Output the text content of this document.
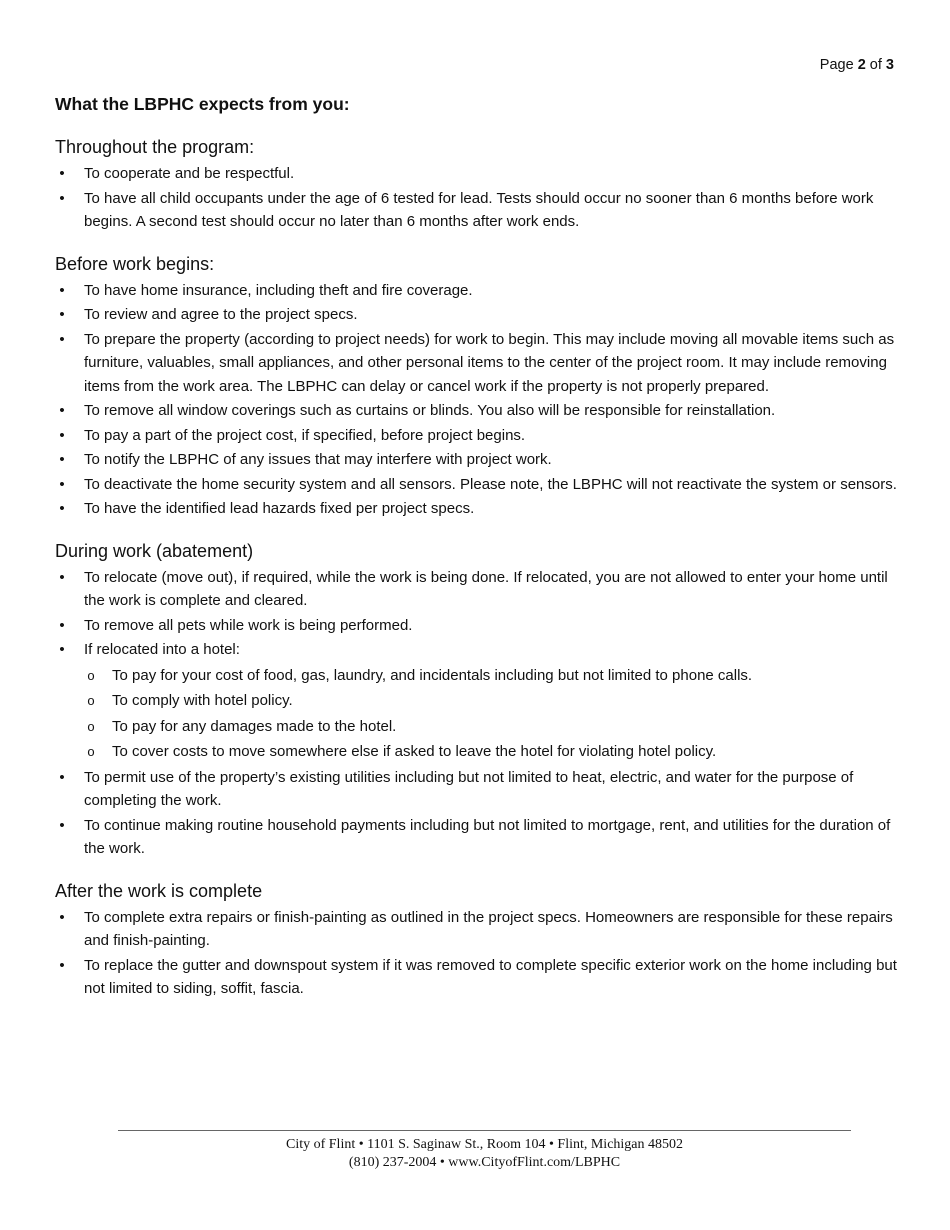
Page 2 of 3
What the LBPHC expects from you:
Throughout the program:
• To cooperate and be respectful.
• To have all child occupants under the age of 6 tested for lead. Tests should occur no sooner than 6 months before work begins. A second test should occur no later than 6 months after work ends.
Before work begins:
• To have home insurance, including theft and fire coverage.
• To review and agree to the project specs.
• To prepare the property (according to project needs) for work to begin. This may include moving all movable items such as furniture, valuables, small appliances, and other personal items to the center of the project room. It may include removing items from the work area. The LBPHC can delay or cancel work if the property is not properly prepared.
• To remove all window coverings such as curtains or blinds. You also will be responsible for reinstallation.
• To pay a part of the project cost, if specified, before project begins.
• To notify the LBPHC of any issues that may interfere with project work.
• To deactivate the home security system and all sensors. Please note, the LBPHC will not reactivate the system or sensors.
• To have the identified lead hazards fixed per project specs.
During work (abatement)
• To relocate (move out), if required, while the work is being done. If relocated, you are not allowed to enter your home until the work is complete and cleared.
• To remove all pets while work is being performed.
• If relocated into a hotel:
o To pay for your cost of food, gas, laundry, and incidentals including but not limited to phone calls.
o To comply with hotel policy.
o To pay for any damages made to the hotel.
o To cover costs to move somewhere else if asked to leave the hotel for violating hotel policy.
• To permit use of the property’s existing utilities including but not limited to heat, electric, and water for the purpose of completing the work.
• To continue making routine household payments including but not limited to mortgage, rent, and utilities for the duration of the work.
After the work is complete
• To complete extra repairs or finish-painting as outlined in the project specs. Homeowners are responsible for these repairs and finish-painting.
• To replace the gutter and downspout system if it was removed to complete specific exterior work on the home including but not limited to siding, soffit, fascia.
City of Flint • 1101 S. Saginaw St., Room 104 • Flint, Michigan 48502
(810) 237-2004 • www.CityofFlint.com/LBPHC
